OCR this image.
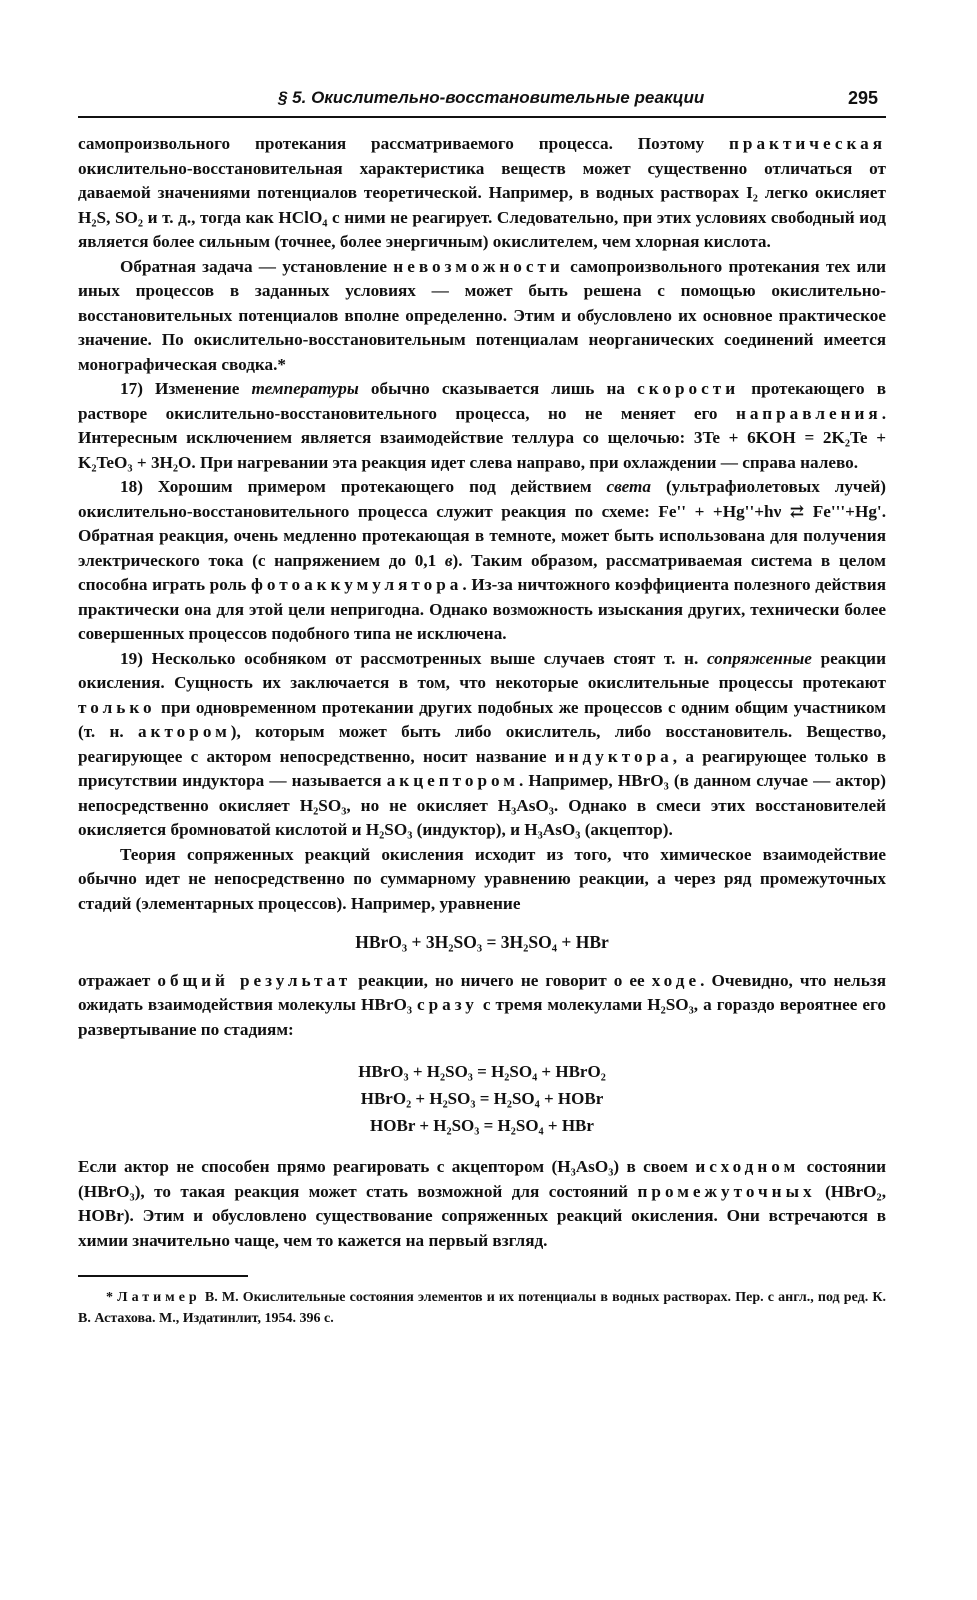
§ 5. Окислительно-восстановительные реакции	295

самопроизвольного протекания рассматриваемого процесса. Поэтому практическая окислительно-восстановительная характеристика веществ может существенно отличаться от даваемой значениями потенциалов теоретической. Например, в водных растворах I₂ легко окисляет H₂S, SO₂ и т. д., тогда как HClO₄ с ними не реагирует. Следовательно, при этих условиях свободный иод является более сильным (точнее, более энергичным) окислителем, чем хлорная кислота.

Обратная задача — установление невозможности самопроизвольного протекания тех или иных процессов в заданных условиях — может быть решена с помощью окислительно-восстановительных потенциалов вполне определенно. Этим и обусловлено их основное практическое значение. По окислительно-восстановительным потенциалам неорганических соединений имеется монографическая сводка.*

17) Изменение температуры обычно сказывается лишь на скорости протекающего в растворе окислительно-восстановительного процесса, но не меняет его направления. Интересным исключением является взаимодействие теллура со щелочью: 3Te + 6KOH = 2K₂Te + K₂TeO₃ + 3H₂O. При нагревании эта реакция идет слева направо, при охлаждении — справа налево.

18) Хорошим примером протекающего под действием света (ультрафиолетовых лучей) окислительно-восстановительного процесса служит реакция по схеме: Fe'' + +Hg''+hν ⇄ Fe'''+Hg'. Обратная реакция, очень медленно протекающая в темноте, может быть использована для получения электрического тока (с напряжением до 0,1 в). Таким образом, рассматриваемая система в целом способна играть роль фотоаккумулятора. Из-за ничтожного коэффициента полезного действия практически она для этой цели непригодна. Однако возможность изыскания других, технически более совершенных процессов подобного типа не исключена.

19) Несколько особняком от рассмотренных выше случаев стоят т. н. сопряженные реакции окисления. Сущность их заключается в том, что некоторые окислительные процессы протекают только при одновременном протекании других подобных же процессов с одним общим участником (т. н. актором), которым может быть либо окислитель, либо восстановитель. Вещество, реагирующее с актором непосредственно, носит название индуктора, а реагирующее только в присутствии индуктора — называется акцептором. Например, HBrO₃ (в данном случае — актор) непосредственно окисляет H₂SO₃, но не окисляет H₃AsO₃. Однако в смеси этих восстановителей окисляется бромноватой кислотой и H₂SO₃ (индуктор), и H₃AsO₃ (акцептор).

Теория сопряженных реакций окисления исходит из того, что химическое взаимодействие обычно идет не непосредственно по суммарному уравнению реакции, а через ряд промежуточных стадий (элементарных процессов). Например, уравнение

HBrO₃ + 3H₂SO₃ = 3H₂SO₄ + HBr

отражает общий результат реакции, но ничего не говорит о ее ходе. Очевидно, что нельзя ожидать взаимодействия молекулы HBrO₃ сразу с тремя молекулами H₂SO₃, а гораздо вероятнее его развертывание по стадиям:

HBrO₃ + H₂SO₃ = H₂SO₄ + HBrO₂
HBrO₂ + H₂SO₃ = H₂SO₄ + HOBr
HOBr + H₂SO₃ = H₂SO₄ + HBr

Если актор не способен прямо реагировать с акцептором (H₃AsO₃) в своем исходном состоянии (HBrO₃), то такая реакция может стать возможной для состояний промежуточных (HBrO₂, HOBr). Этим и обусловлено существование сопряженных реакций окисления. Они встречаются в химии значительно чаще, чем то кажется на первый взгляд.

* Латимер В. М. Окислительные состояния элементов и их потенциалы в водных растворах. Пер. с англ., под ред. К. В. Астахова. М., Издатинлит, 1954. 396 с.
